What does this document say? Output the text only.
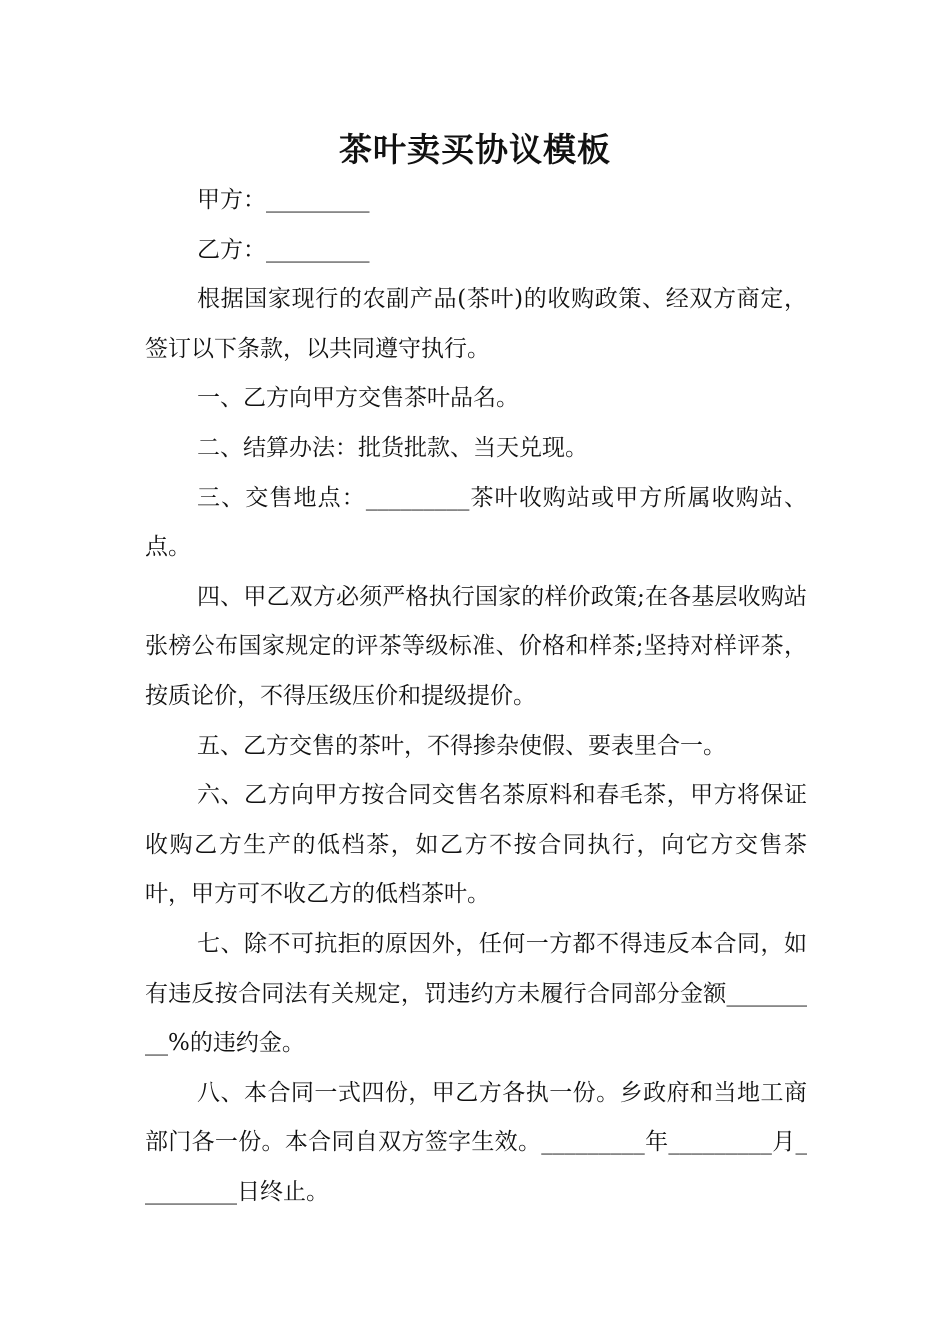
茶叶卖买协议模板

甲方：_________

乙方：_________

根据国家现行的农副产品(茶叶)的收购政策、经双方商定，签订以下条款，以共同遵守执行。

一、乙方向甲方交售茶叶品名。

二、结算办法：批货批款、当天兑现。

三、交售地点：_________茶叶收购站或甲方所属收购站、点。

四、甲乙双方必须严格执行国家的样价政策;在各基层收购站张榜公布国家规定的评茶等级标准、价格和样茶;坚持对样评茶，按质论价，不得压级压价和提级提价。

五、乙方交售的茶叶，不得掺杂使假、要表里合一。

六、乙方向甲方按合同交售名茶原料和春毛茶，甲方将保证收购乙方生产的低档茶，如乙方不按合同执行，向它方交售茶叶，甲方可不收乙方的低档茶叶。

七、除不可抗拒的原因外，任何一方都不得违反本合同，如有违反按合同法有关规定，罚违约方未履行合同部分金额_________%的违约金。

八、本合同一式四份，甲乙方各执一份。乡政府和当地工商部门各一份。本合同自双方签字生效。_________年_________月_________日终止。
